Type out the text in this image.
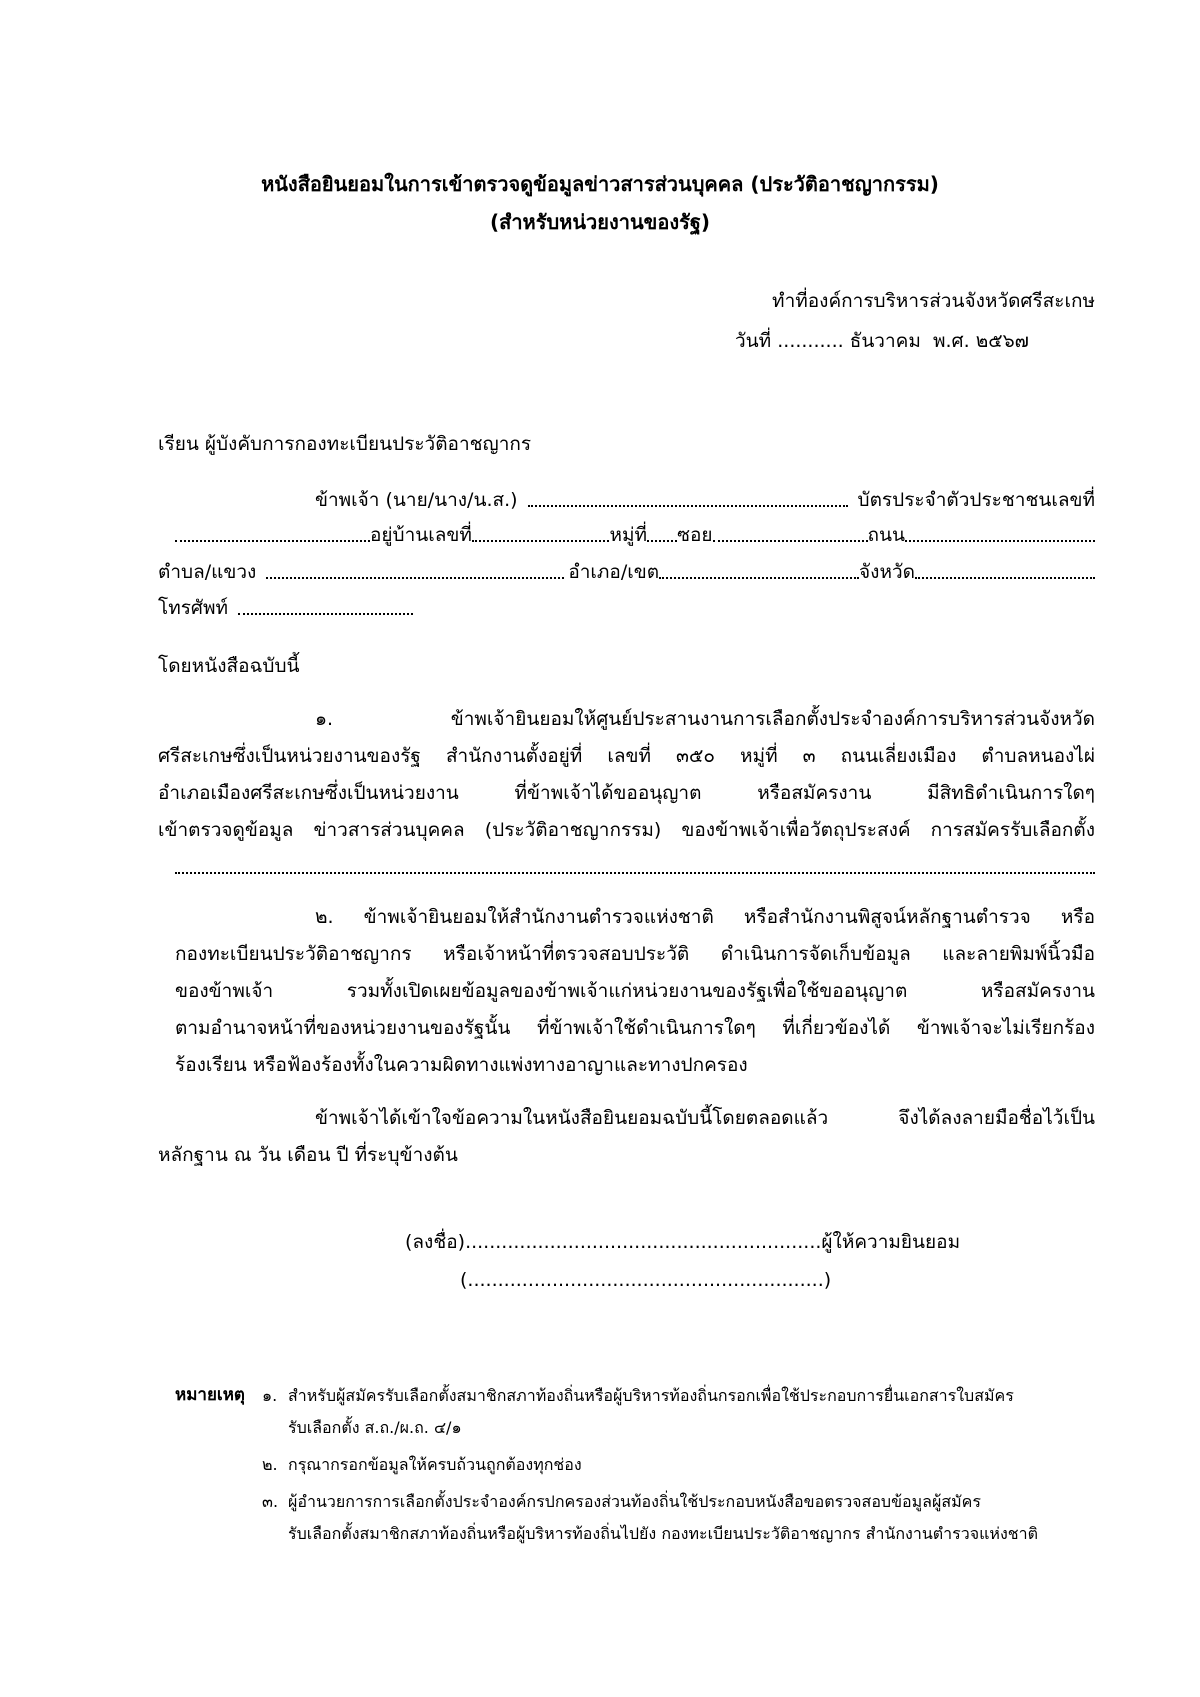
หนังสือยินยอมในการเข้าตรวจดูข้อมูลข่าวสารส่วนบุคคล (ประวัติอาชญากรรม)
(สำหรับหน่วยงานของรัฐ)
ทำที่องค์การบริหารส่วนจังหวัดศรีสะเกษ
วันที่ ........... ธันวาคม พ.ศ. ๒๕๖๗
เรียน ผู้บังคับการกองทะเบียนประวัติอาชญากร
ข้าพเจ้า (นาย/นาง/น.ส.)	บัตรประจำตัวประชาชนเลขที่
อยู่บ้านเลขที่	หมู่ที่ ซอย	ถนน
ตำบล/แขวง	อำเภอ/เขต	จังหวัด
โทรศัพท์
โดยหนังสือฉบับนี้
๑. ข้าพเจ้ายินยอมให้ศูนย์ประสานงานการเลือกตั้งประจำองค์การบริหารส่วนจังหวัด
ศรีสะเกษซึ่งเป็นหน่วยงานของรัฐ สำนักงานตั้งอยู่ที่ เลขที่ ๓๕๐ หมู่ที่ ๓ ถนนเลี่ยงเมือง ตำบลหนองไผ่
อำเภอเมืองศรีสะเกษซึ่งเป็นหน่วยงาน ที่ข้าพเจ้าได้ขออนุญาต หรือสมัครงาน มีสิทธิดำเนินการใดๆ
เข้าตรวจดูข้อมูล ข่าวสารส่วนบุคคล (ประวัติอาชญากรรม) ของข้าพเจ้าเพื่อวัตถุประสงค์ การสมัครรับเลือกตั้ง
๒. ข้าพเจ้ายินยอมให้สำนักงานตำรวจแห่งชาติ หรือสำนักงานพิสูจน์หลักฐานตำรวจ หรือ
กองทะเบียนประวัติอาชญากร หรือเจ้าหน้าที่ตรวจสอบประวัติ ดำเนินการจัดเก็บข้อมูล และลายพิมพ์นิ้วมือ
ของข้าพเจ้า รวมทั้งเปิดเผยข้อมูลของข้าพเจ้าแก่หน่วยงานของรัฐเพื่อใช้ขออนุญาต หรือสมัครงาน
ตามอำนาจหน้าที่ของหน่วยงานของรัฐนั้น ที่ข้าพเจ้าใช้ดำเนินการใดๆ ที่เกี่ยวข้องได้ ข้าพเจ้าจะไม่เรียกร้อง
ร้องเรียน หรือฟ้องร้องทั้งในความผิดทางแพ่งทางอาญาและทางปกครอง
ข้าพเจ้าได้เข้าใจข้อความในหนังสือยินยอมฉบับนี้โดยตลอดแล้ว จึงได้ลงลายมือชื่อไว้เป็น
หลักฐาน ณ วัน เดือน ปี ที่ระบุข้างต้น
(ลงชื่อ)...........................................................ผู้ให้ความยินยอม
(...........................................................)
หมายเหตุ ๑. สำหรับผู้สมัครรับเลือกตั้งสมาชิกสภาท้องถิ่นหรือผู้บริหารท้องถิ่นกรอกเพื่อใช้ประกอบการยื่นเอกสารใบสมัคร
รับเลือกตั้ง ส.ถ./ผ.ถ. ๔/๑
๒. กรุณากรอกข้อมูลให้ครบถ้วนถูกต้องทุกช่อง
๓. ผู้อำนวยการการเลือกตั้งประจำองค์กรปกครองส่วนท้องถิ่นใช้ประกอบหนังสือขอตรวจสอบข้อมูลผู้สมัคร
รับเลือกตั้งสมาชิกสภาท้องถิ่นหรือผู้บริหารท้องถิ่นไปยัง กองทะเบียนประวัติอาชญากร สำนักงานตำรวจแห่งชาติ
